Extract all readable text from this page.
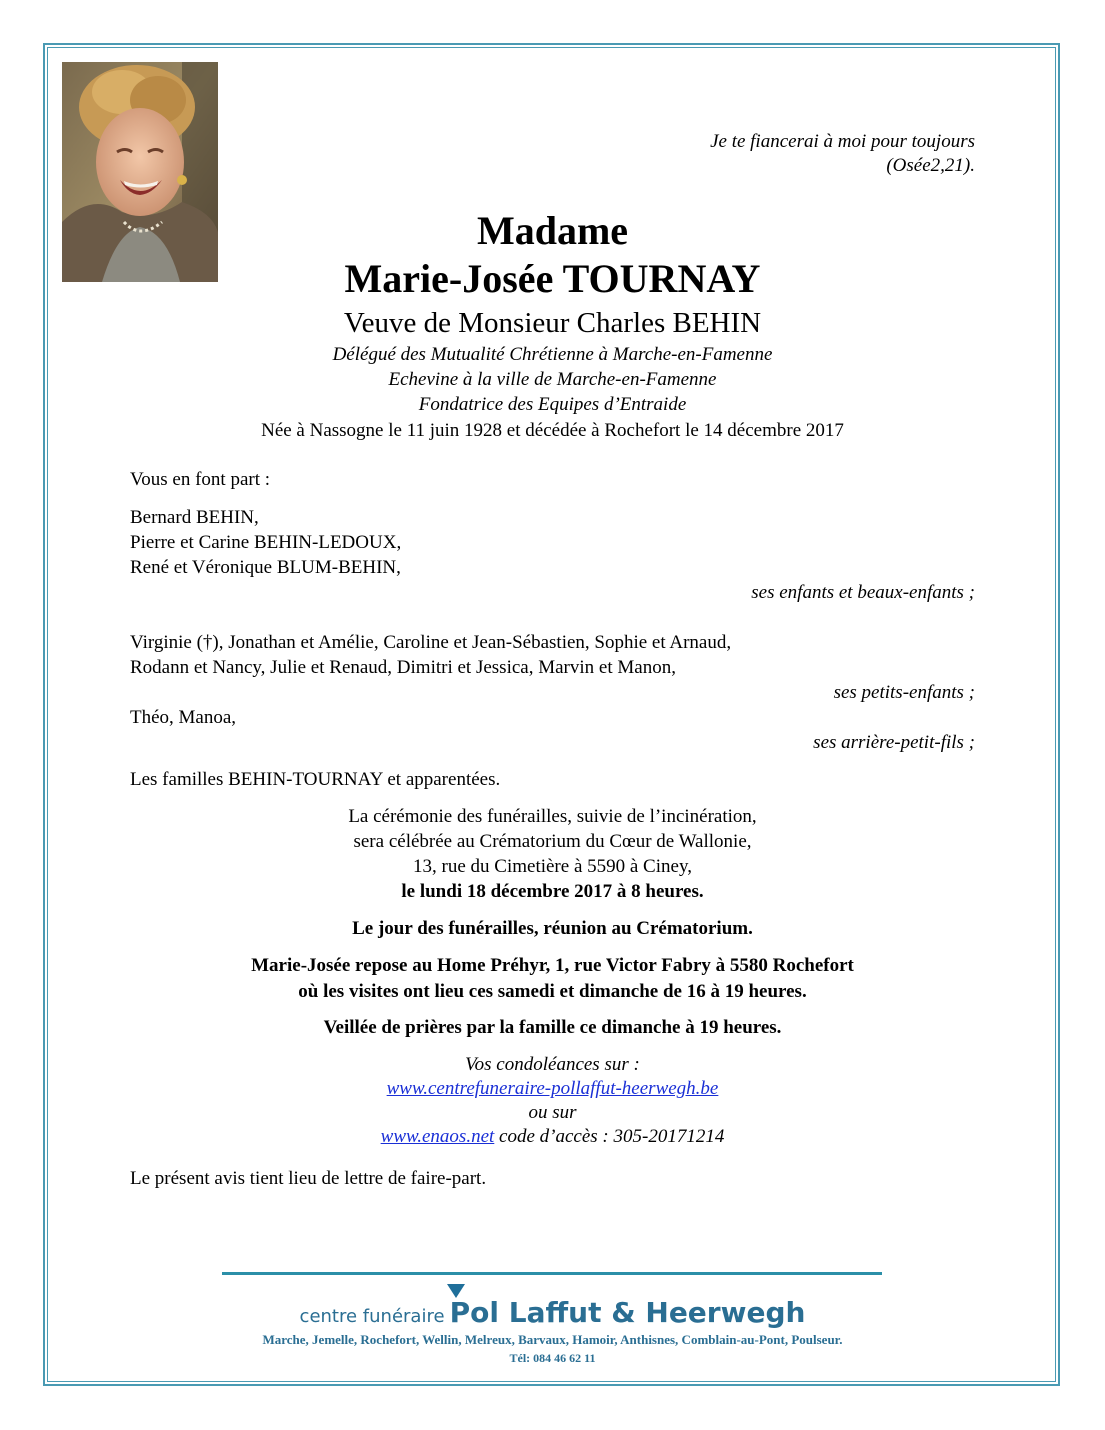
Je te fiancerai à moi pour toujours
(Osée2,21).
Madame
Marie-Josée TOURNAY
Veuve de Monsieur Charles BEHIN
Délégué des Mutualité Chrétienne à Marche-en-Famenne
Echevine à la ville de Marche-en-Famenne
Fondatrice des Equipes d’Entraide
Née à Nassogne le 11 juin 1928 et décédée à Rochefort le 14 décembre 2017
Vous en font part :
Bernard BEHIN,
Pierre et Carine BEHIN-LEDOUX,
René et Véronique BLUM-BEHIN,
ses enfants et beaux-enfants ;
Virginie (†), Jonathan et Amélie, Caroline et Jean-Sébastien, Sophie et Arnaud,
Rodann et Nancy, Julie et Renaud, Dimitri et Jessica, Marvin et Manon,
ses petits-enfants ;
Théo, Manoa,
ses arrière-petit-fils ;
Les familles BEHIN-TOURNAY et apparentées.
La cérémonie des funérailles, suivie de l’incinération,
sera célébrée au Crématorium du Cœur de Wallonie,
13, rue du Cimetière à 5590 à Ciney,
le lundi 18 décembre 2017 à 8 heures.
Le jour des funérailles, réunion au Crématorium.
Marie-Josée repose au Home Préhyr, 1, rue Victor Fabry à 5580 Rochefort
où les visites ont lieu ces samedi et dimanche de 16 à 19 heures.
Veillée de prières par la famille ce dimanche à 19 heures.
Vos condoléances sur :
www.centrefuneraire-pollaffut-heerwegh.be
ou sur
www.enaos.net code d’accès : 305-20171214
Le présent avis tient lieu de lettre de faire-part.
centre funéraire Pol Laffut & Heerwegh
Marche, Jemelle, Rochefort, Wellin, Melreux, Barvaux, Hamoir, Anthisnes, Comblain-au-Pont, Poulseur.
Tél: 084 46 62 11
